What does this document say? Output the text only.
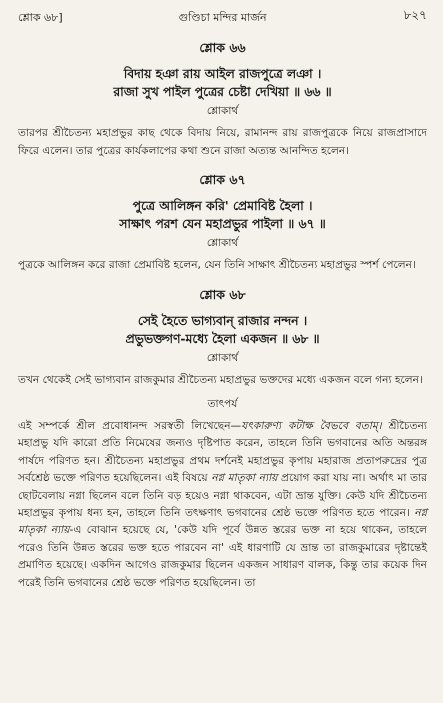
শ্লোক ৬৮]	গুণ্ডিচা মন্দির মার্জন	৮২৭
শ্লোক ৬৬
বিদায় হঞা রায় আইল রাজপুত্রে লঞা ।
রাজা সুখ পাইল পুত্রের চেষ্টা দেখিয়া ॥ ৬৬ ॥
শ্লোকার্থ

তারপর শ্রীচৈতন্য মহাপ্রভুর কাছ থেকে বিদায় নিয়ে, রামানন্দ রায় রাজপুত্রকে নিয়ে রাজপ্রাসাদে ফিরে এলেন। তার পুত্রের কার্যকলাপের কথা শুনে রাজা অত্যন্ত আনন্দিত হলেন।

শ্লোক ৬৭
পুত্রে আলিঙ্গন করি' প্রেমাবিষ্ট হৈলা ।
সাক্ষাৎ পরশ যেন মহাপ্রভুর পাইলা ॥ ৬৭ ॥
শ্লোকার্থ

পুত্রকে আলিঙ্গন করে রাজা প্রেমাবিষ্ট হলেন, যেন তিনি সাক্ষাৎ শ্রীচৈতন্য মহাপ্রভুর স্পর্শ পেলেন।

শ্লোক ৬৮
সেই হৈতে ভাগ্যবান্ রাজার নন্দন ।
প্রভুভক্তগণ-মধ্যে হৈলা একজন ॥ ৬৮ ॥
শ্লোকার্থ

তখন থেকেই সেই ভাগ্যবান রাজকুমার শ্রীচৈতন্য মহাপ্রভুর ভক্তদের মধ্যে একজন বলে গন্য হলেন।

তাৎপর্য

এই সম্পর্কে শ্রীল প্রবোধানন্দ সরস্বতী লিখেছেন—যৎকারুণ্য কটাক্ষ বৈভবে বতাম্। শ্রীচৈতন্য মহাপ্রভু যদি কারো প্রতি নিমেষের জন্যও দৃষ্টিপাত করেন, তাহলে তিনি ভগবানের অতি অন্তরঙ্গ পার্ষদে পরিণত হন। শ্রীচৈতন্য মহাপ্রভুর প্রথম দর্শনেই মহাপ্রভুর কৃপায় মহারাজ প্রতাপরুদ্রের পুত্র সর্বশ্রেষ্ঠ ভক্তে পরিণত হয়েছিলেন। এই বিষয়ে নগ্ন মাতৃকা ন্যায় প্রয়োগ করা যায় না। অর্থাৎ মা তার ছোটবেলায় নগ্না ছিলেন বলে তিনি বড় হয়েও নগ্না থাকবেন, এটা ভ্রান্ত যুক্তি। কেউ যদি শ্রীচৈতন্য মহাপ্রভুর কৃপায় ধন্য হন, তাহলে তিনি তৎক্ষণাৎ ভগবানের শ্রেষ্ঠ ভক্তে পরিণত হতে পারেন। নগ্ন মাতৃকা ন্যায়-এ বোঝান হয়েছে যে, 'কেউ যদি পূর্বে উন্নত স্তরের ভক্ত না হয়ে থাকেন, তাহলে পরেও তিনি উন্নত স্তরের ভক্ত হতে পারবেন না' এই ধারণাটি যে ভ্রান্ত তা রাজকুমারের দৃষ্টান্তেই প্রমাণিত হয়েছে। একদিন আগেও রাজকুমার ছিলেন একজন সাধারণ বালক, কিন্তু তার কয়েক দিন পরেই তিনি ভগবানের শ্রেষ্ঠ ভক্তে পরিণত হয়েছিলেন। তা
